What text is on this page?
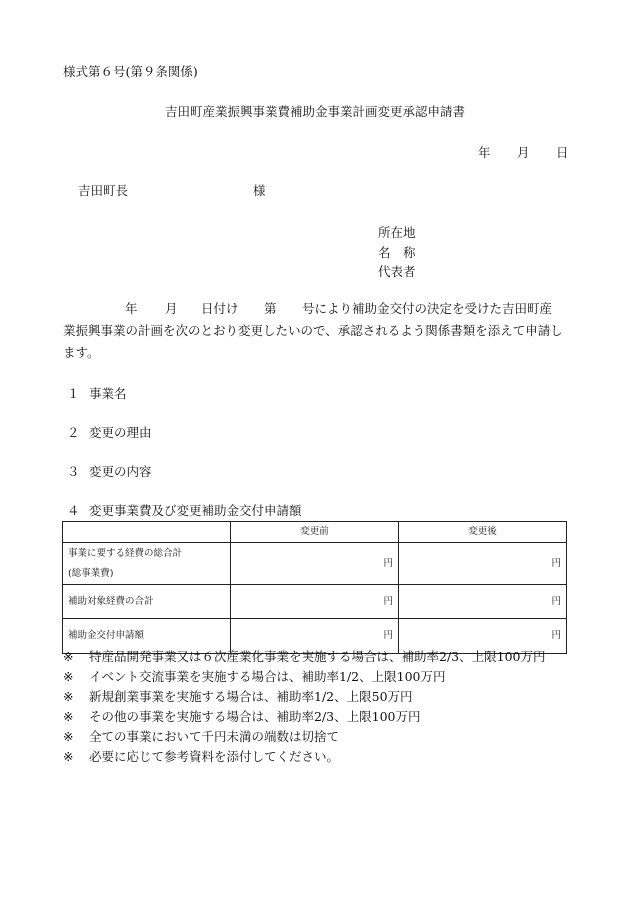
様式第６号(第９条関係)
吉田町産業振興事業費補助金事業計画変更承認申請書
年 月 日
吉田町長	様
所在地
名　称
代表者
年 月 日付け 第 号により補助金交付の決定を受けた吉田町産
業振興事業の計画を次のとおり変更したいので、承認されるよう関係書類を添えて申請し
ます。
１ 事業名
２ 変更の理由
３ 変更の内容
４ 変更事業費及び変更補助金交付申請額
	変更前	変更後

事業に要する経費の総合計
(総事業費)	円	円
補助対象経費の合計	円	円
補助金交付申請額	円	円
※ 特産品開発事業又は６次産業化事業を実施する場合は、補助率2/3、上限100万円
※ イベント交流事業を実施する場合は、補助率1/2、上限100万円
※ 新規創業事業を実施する場合は、補助率1/2、上限50万円
※ その他の事業を実施する場合は、補助率2/3、上限100万円
※ 全ての事業において千円未満の端数は切捨て
※ 必要に応じて参考資料を添付してください。
